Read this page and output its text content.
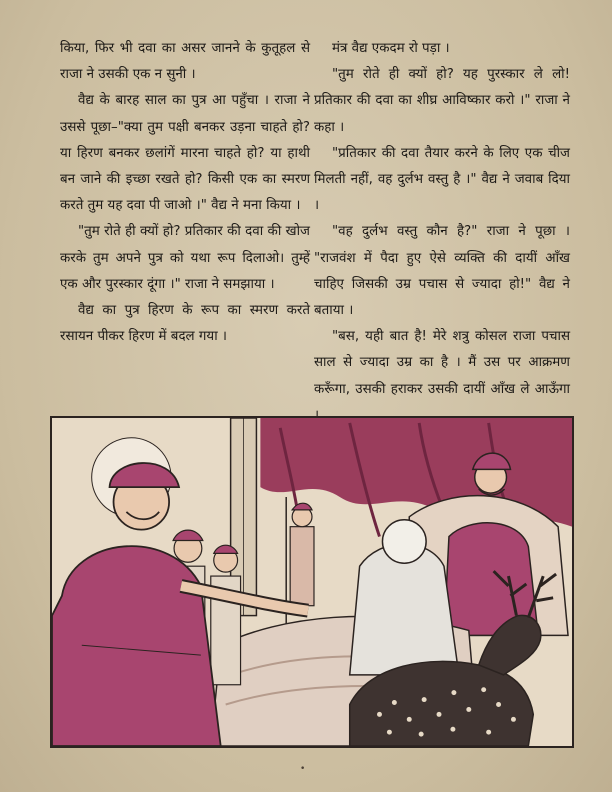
किया, फिर भी दवा का असर जानने के कुतूहल से राजा ने उसकी एक न सुनी ।

वैद्य के बारह साल का पुत्र आ पहुँचा । राजा ने उससे पूछा–"क्या तुम पक्षी बनकर उड़ना चाहते हो? या हिरण बनकर छलांगें मारना चाहते हो? या हाथी बन जाने की इच्छा रखते हो? किसी एक का स्मरण करते तुम यह दवा पी जाओ ।" वैद्य ने मना किया ।

"तुम रोते ही क्यों हो? प्रतिकार की दवा की खोज करके तुम अपने पुत्र को यथा रूप दिलाओ। तुम्हें एक और पुरस्कार दूंगा ।" राजा ने समझाया ।

वैद्य का पुत्र हिरण के रूप का स्मरण करते रसायन पीकर हिरण में बदल गया ।

मंत्र वैद्य एकदम रो पड़ा ।

"तुम रोते ही क्यों हो? यह पुरस्कार ले लो! प्रतिकार की दवा का शीघ्र आविष्कार करो ।" राजा ने कहा ।

"प्रतिकार की दवा तैयार करने के लिए एक चीज मिलती नहीं, वह दुर्लभ वस्तु है ।" वैद्य ने जवाब दिया ।

"वह दुर्लभ वस्तु कौन है?" राजा ने पूछा । "राजवंश में पैदा हुए ऐसे व्यक्ति की दायीं आँख चाहिए जिसकी उम्र पचास से ज्यादा हो!" वैद्य ने बताया ।

"बस, यही बात है! मेरे शत्रु कोसल राजा पचास साल से ज्यादा उम्र का है । मैं उस पर आक्रमण करूँगा, उसकी हराकर उसकी दायीं आँख ले आऊँगा

•
